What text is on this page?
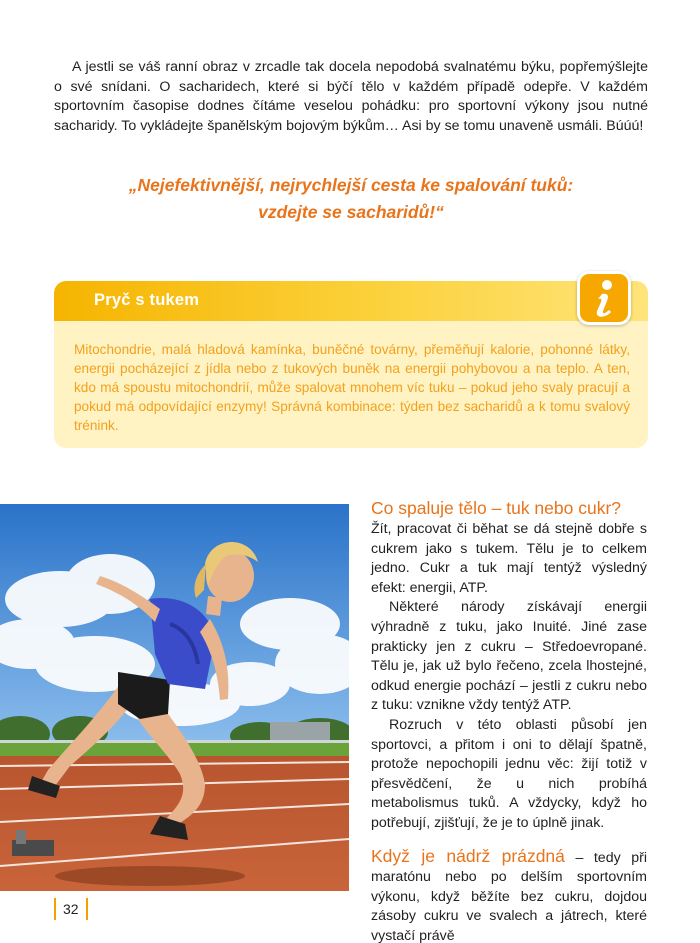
A jestli se váš ranní obraz v zrcadle tak docela nepodobá svalnatému býku, popřemýšlejte o své snídani. O sacharidech, které si býčí tělo v každém případě odepře. V každém sportovním časopise dodnes čítáme veselou pohádku: pro sportovní výkony jsou nutné sacharidy. To vykládejte španělským bojovým býkům… Asi by se tomu unaveně usmáli. Búúú!

„Nejefektivnější, nejrychlejší cesta ke spalování tuků:
vzdejte se sacharidů!“
Pryč s tukem

Mitochondrie, malá hladová kamínka, buněčné továrny, přeměňují kalorie, pohonné látky, energii pocházející z jídla nebo z tukových buněk na energii pohybovou a na teplo. A ten, kdo má spoustu mitochondrií, může spalovat mnohem víc tuku – pokud jeho svaly pracují a pokud má odpovídající enzymy! Správná kombinace: týden bez sacharidů a k tomu svalový trénink.

Co spaluje tělo – tuk nebo cukr?

Žít, pracovat či běhat se dá stejně dobře s cukrem jako s tukem. Tělu je to celkem jedno. Cukr a tuk mají tentýž výsledný efekt: energii, ATP.

Některé národy získávají energii výhradně z tuku, jako Inuité. Jiné zase prakticky jen z cukru – Středoevropané. Tělu je, jak už bylo řečeno, zcela lhostejné, odkud energie pochází – jestli z cukru nebo z tuku: vznikne vždy tentýž ATP.

Rozruch v této oblasti působí jen sportovci, a přitom i oni to dělají špatně, protože nepochopili jednu věc: žijí totiž v přesvědčení, že u nich probíhá metabolismus tuků. A vždycky, když ho potřebují, zjišťují, že je to úplně jinak.

Když je nádrž prázdná – tedy při maratónu nebo po delším sportovním výkonu, když běžíte bez cukru, dojdou zásoby cukru ve svalech a játrech, které vystačí právě

32
